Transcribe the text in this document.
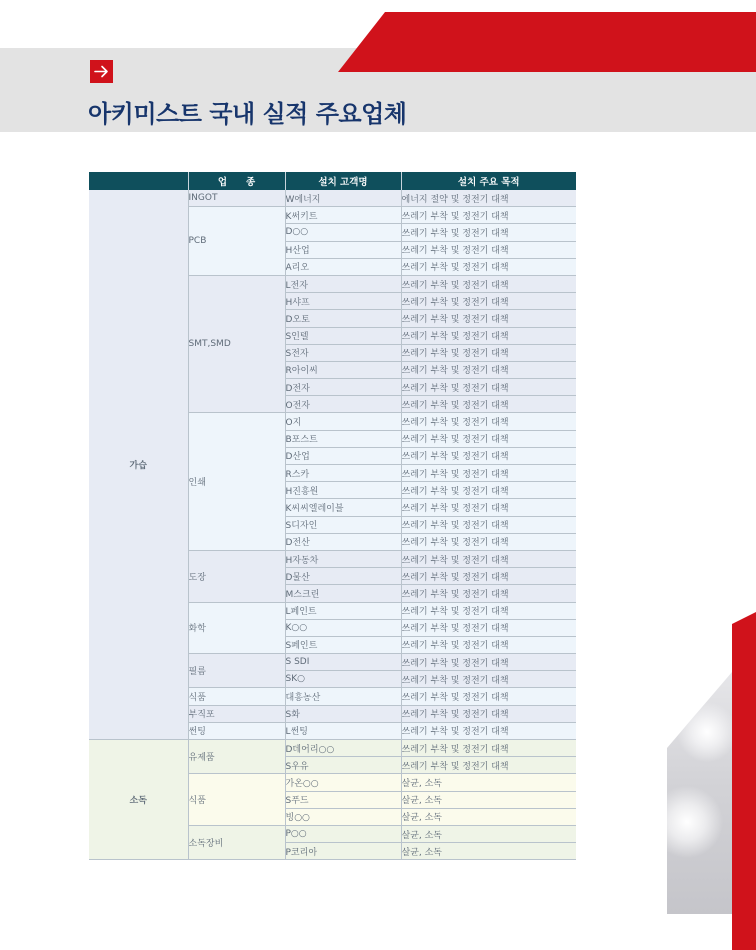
아키미스트 국내 실적 주요업체
	업　　종	설치 고객명	설치 주요 목적
가습	INGOT	W에너지	에너지 절약 및 정전기 대책
	PCB	K써키트	쓰레기 부착 및 정전기 대책
		D○○	쓰레기 부착 및 정전기 대책
		H산업	쓰레기 부착 및 정전기 대책
		A리오	쓰레기 부착 및 정전기 대책
	SMT,SMD	L전자	쓰레기 부착 및 정전기 대책
		H샤프	쓰레기 부착 및 정전기 대책
		D오토	쓰레기 부착 및 정전기 대책
		S인텔	쓰레기 부착 및 정전기 대책
		S전자	쓰레기 부착 및 정전기 대책
		R아이씨	쓰레기 부착 및 정전기 대책
		D전자	쓰레기 부착 및 정전기 대책
		O전자	쓰레기 부착 및 정전기 대책
	인쇄	O지	쓰레기 부착 및 정전기 대책
		B포스트	쓰레기 부착 및 정전기 대책
		D산업	쓰레기 부착 및 정전기 대책
		R스카	쓰레기 부착 및 정전기 대책
		H진흥원	쓰레기 부착 및 정전기 대책
		K씨씨엘레이블	쓰레기 부착 및 정전기 대책
		S디자인	쓰레기 부착 및 정전기 대책
		D전산	쓰레기 부착 및 정전기 대책
	도장	H자동차	쓰레기 부착 및 정전기 대책
		D물산	쓰레기 부착 및 정전기 대책
		M스크린	쓰레기 부착 및 정전기 대책
	화학	L페인트	쓰레기 부착 및 정전기 대책
		K○○	쓰레기 부착 및 정전기 대책
		S페인트	쓰레기 부착 및 정전기 대책
	필름	S SDI	쓰레기 부착 및 정전기 대책
		SK○	쓰레기 부착 및 정전기 대책
	식품	대흥농산	쓰레기 부착 및 정전기 대책
	부직포	S화	쓰레기 부착 및 정전기 대책
	썬팅	L썬팅	쓰레기 부착 및 정전기 대책
소독	유제품	D데어리○○	쓰레기 부착 및 정전기 대책
		S우유	쓰레기 부착 및 정전기 대책
	식품	가온○○	살균, 소독
		S푸드	살균, 소독
		빙○○	살균, 소독
	소독장비	P○○	살균, 소독
		P코리아	살균, 소독
